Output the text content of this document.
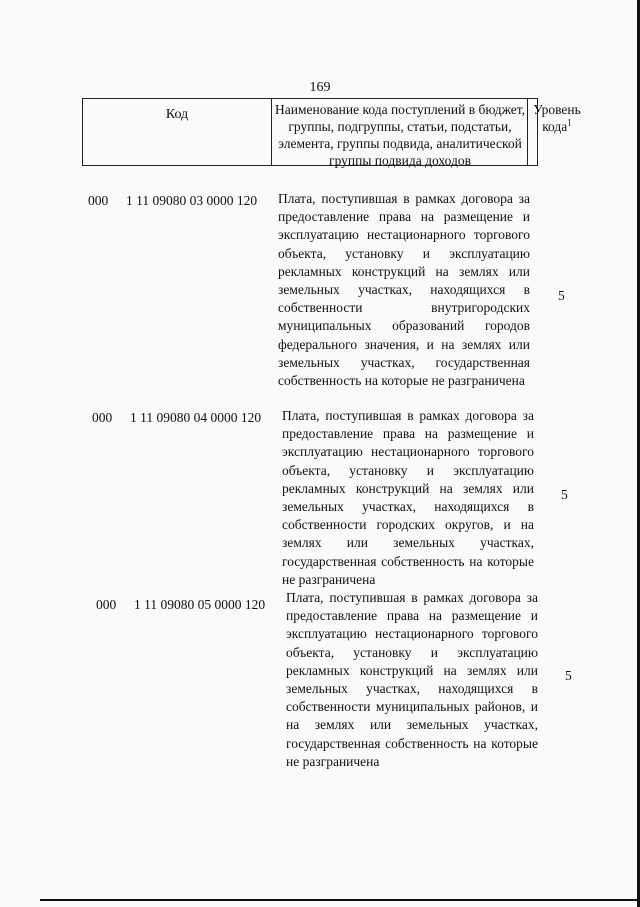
169
Код	Наименование кода поступлений в бюджет, группы, подгруппы, статьи, подстатьи, элемента, группы подвида, аналитической группы подвида доходов
Уровень
кода$^1$
000 1 11 09080 03 0000 120 Плата, поступившая в рамках договора за предоставление права на размещение и эксплуатацию нестационарного торгового объекта, установку и эксплуатацию рекламных конструкций на землях или земельных участках, находящихся в собственности внутригородских муниципальных образований городов федерального значения, и на землях или земельных участках, государственная собственность на которые не разграничена
5
000 1 11 09080 04 0000 120 Плата, поступившая в рамках договора за предоставление права на размещение и эксплуатацию нестационарного торгового объекта, установку и эксплуатацию рекламных конструкций на землях или земельных участках, находящихся в собственности городских округов, и на землях или земельных участках, государственная собственность на которые не разграничена
5
000 1 11 09080 05 0000 120 Плата, поступившая в рамках договора за предоставление права на размещение и эксплуатацию нестационарного торгового объекта, установку и эксплуатацию рекламных конструкций на землях или земельных участках, находящихся в собственности муниципальных районов, и на землях или земельных участках, государственная собственность на которые не разграничена
5
